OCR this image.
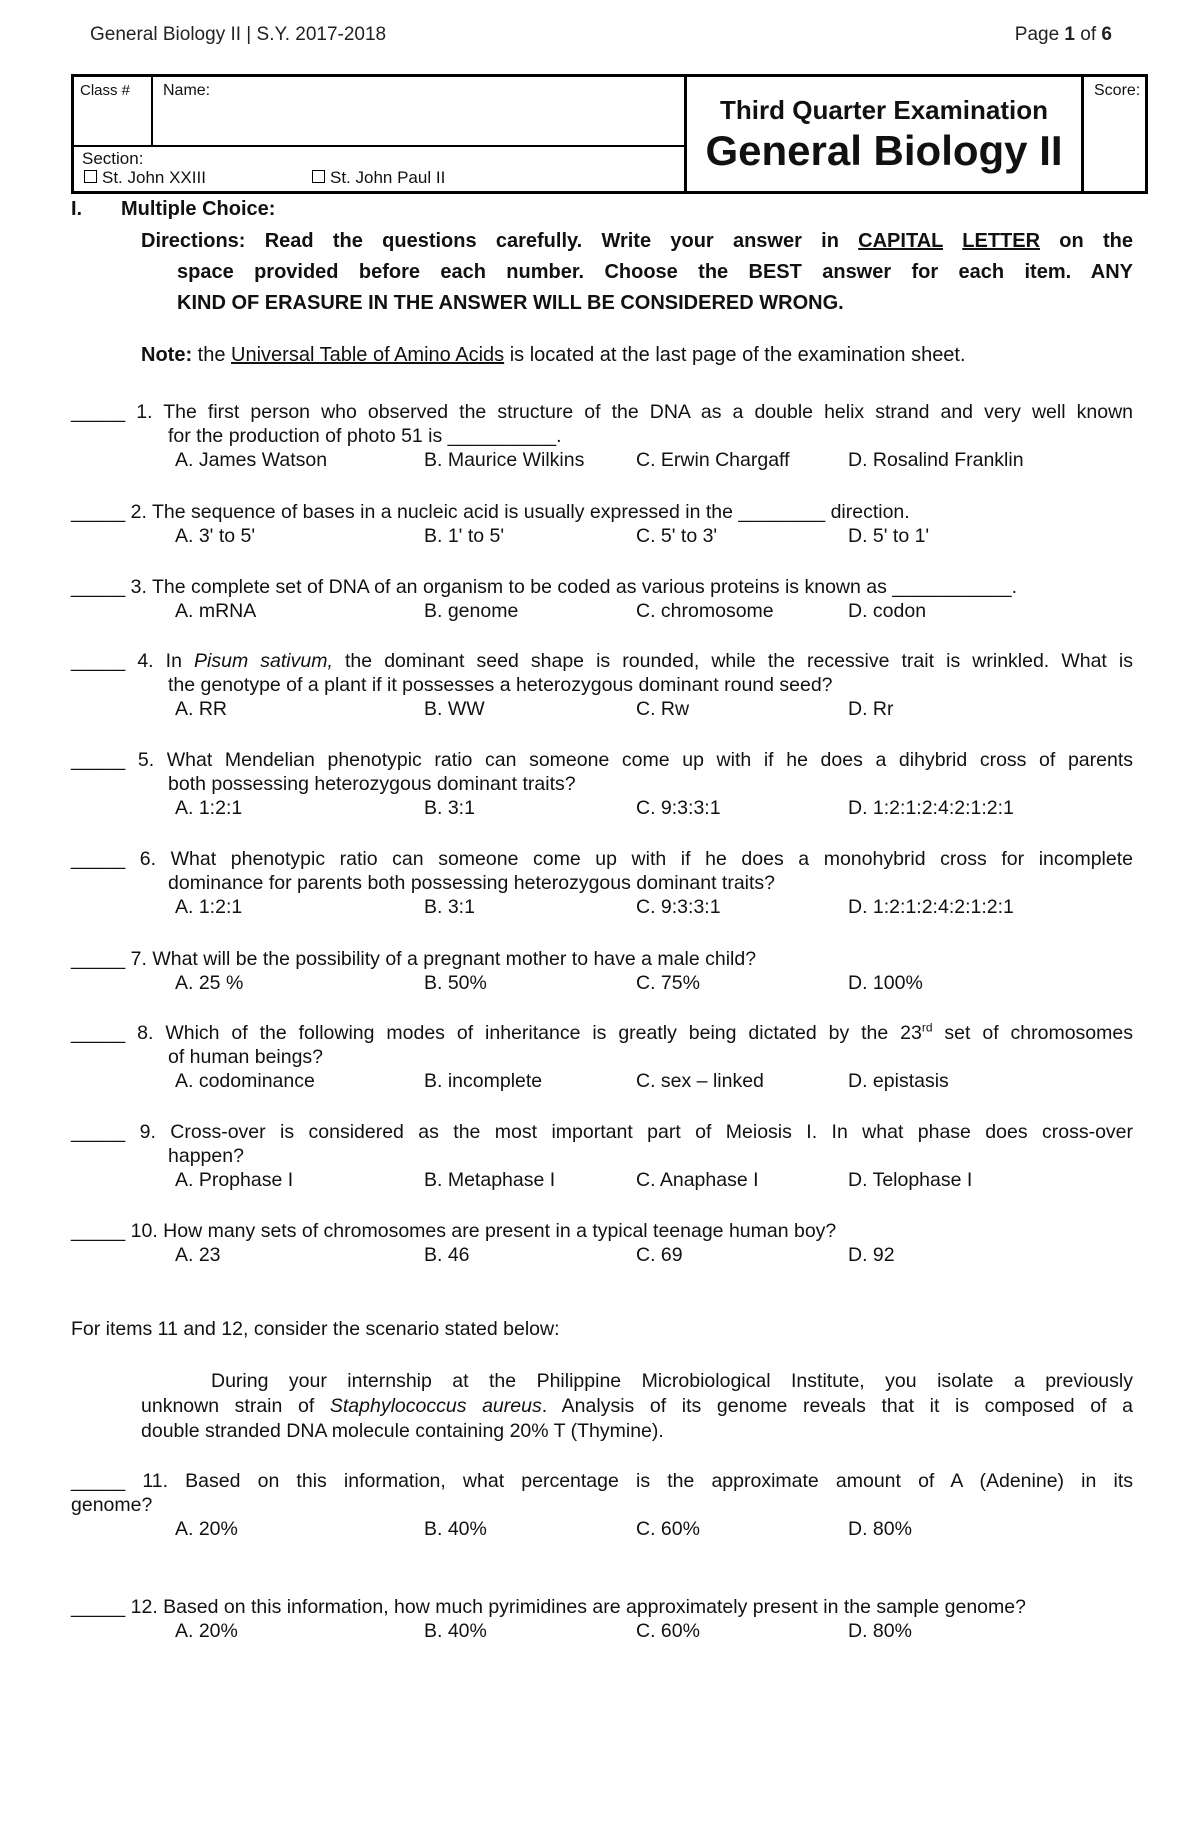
General Biology II | S.Y. 2017-2018	Page 1 of 6
Class #	Name:
Section:
St. John XXIII	St. John Paul II
Third Quarter Examination
General Biology II
Score:
I. Multiple Choice:
Directions: Read the questions carefully. Write your answer in CAPITAL LETTER on the
space provided before each number. Choose the BEST answer for each item. ANY
KIND OF ERASURE IN THE ANSWER WILL BE CONSIDERED WRONG.
Note: the Universal Table of Amino Acids is located at the last page of the examination sheet.
_____ 1. The first person who observed the structure of the DNA as a double helix strand and very well known
for the production of photo 51 is __________.
A. James Watson	B. Maurice Wilkins	C. Erwin Chargaff	D. Rosalind Franklin
_____ 2. The sequence of bases in a nucleic acid is usually expressed in the ________ direction.
A. 3' to 5'	B. 1' to 5'	C. 5' to 3'	D. 5' to 1'
_____ 3. The complete set of DNA of an organism to be coded as various proteins is known as ___________.
A. mRNA	B. genome	C. chromosome	D. codon
_____ 4. In Pisum sativum, the dominant seed shape is rounded, while the recessive trait is wrinkled. What is
the genotype of a plant if it possesses a heterozygous dominant round seed?
A. RR	B. WW	C. Rw	D. Rr
_____ 5. What Mendelian phenotypic ratio can someone come up with if he does a dihybrid cross of parents
both possessing heterozygous dominant traits?
A. 1:2:1	B. 3:1	C. 9:3:3:1	D. 1:2:1:2:4:2:1:2:1
_____ 6. What phenotypic ratio can someone come up with if he does a monohybrid cross for incomplete
dominance for parents both possessing heterozygous dominant traits?
A. 1:2:1	B. 3:1	C. 9:3:3:1	D. 1:2:1:2:4:2:1:2:1
_____ 7. What will be the possibility of a pregnant mother to have a male child?
A. 25 %	B. 50%	C. 75%	D. 100%
_____ 8. Which of the following modes of inheritance is greatly being dictated by the 23rd set of chromosomes
of human beings?
A. codominance	B. incomplete	C. sex – linked	D. epistasis
_____ 9. Cross-over is considered as the most important part of Meiosis I. In what phase does cross-over
happen?
A. Prophase I	B. Metaphase I	C. Anaphase I	D. Telophase I
_____ 10. How many sets of chromosomes are present in a typical teenage human boy?
A. 23	B. 46	C. 69	D. 92
For items 11 and 12, consider the scenario stated below:
During your internship at the Philippine Microbiological Institute, you isolate a previously
unknown strain of Staphylococcus aureus. Analysis of its genome reveals that it is composed of a
double stranded DNA molecule containing 20% T (Thymine).
_____ 11. Based on this information, what percentage is the approximate amount of A (Adenine) in its
genome?
A. 20%	B. 40%	C. 60%	D. 80%
_____ 12. Based on this information, how much pyrimidines are approximately present in the sample genome?
A. 20%	B. 40%	C. 60%	D. 80%
